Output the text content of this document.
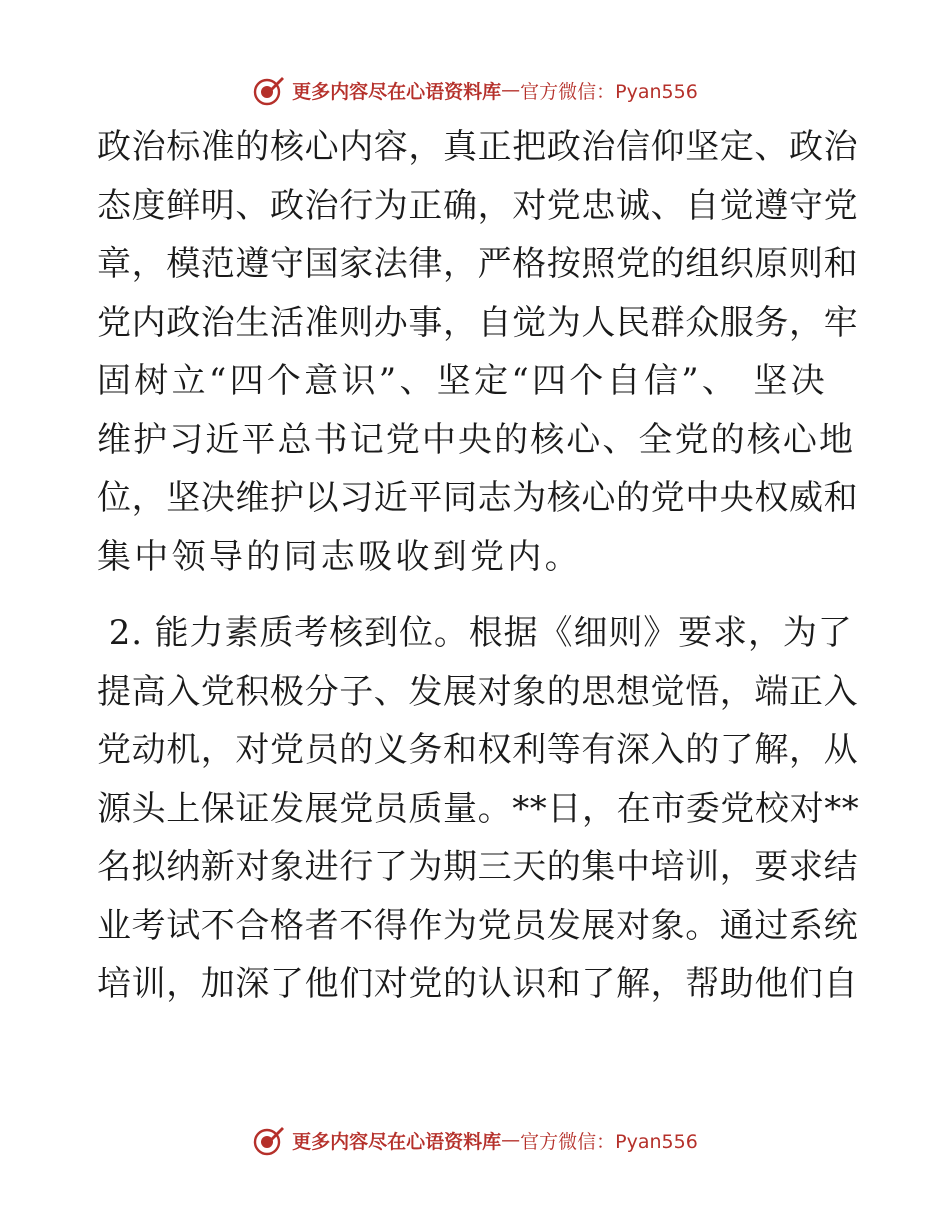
更多内容尽在心语资料库 — 官方微信：Pyan556
政治标准的核心内容，真正把政治信仰坚定、政治
态度鲜明、政治行为正确，对党忠诚、自觉遵守党
章，模范遵守国家法律，严格按照党的组织原则和
党内政治生活准则办事，自觉为人民群众服务，牢
固树立“四个意识”、坚定“四个自信”、 坚决
维护习近平总书记党中央的核心、全党的核心地
位，坚决维护以习近平同志为核心的党中央权威和
集中领导的同志吸收到党内。
2. 能力素质考核到位。根据《细则》要求，为了
提高入党积极分子、发展对象的思想觉悟，端正入
党动机，对党员的义务和权利等有深入的了解，从
源头上保证发展党员质量。**日，在市委党校对**
名拟纳新对象进行了为期三天的集中培训，要求结
业考试不合格者不得作为党员发展对象。通过系统
培训，加深了他们对党的认识和了解，帮助他们自
更多内容尽在心语资料库 — 官方微信：Pyan556
